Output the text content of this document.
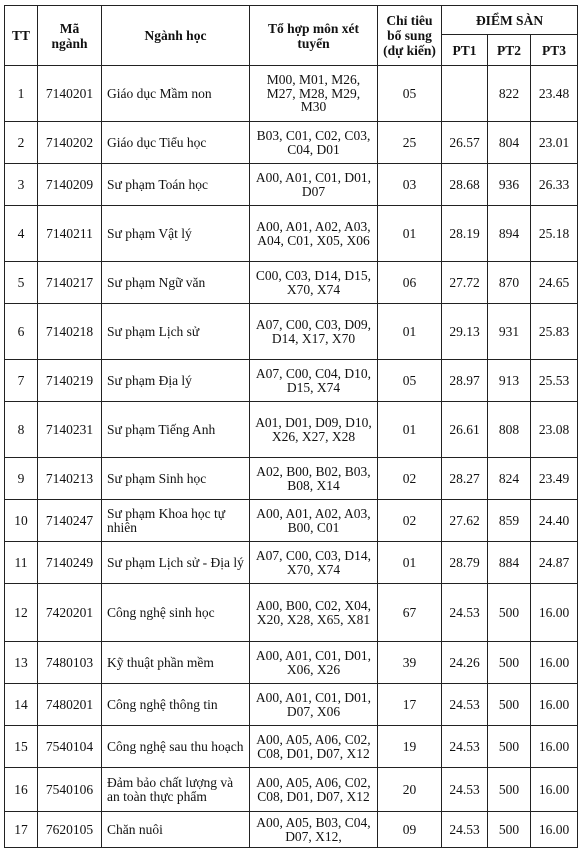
TT	Mã ngành	Ngành học	Tổ hợp môn xét tuyển	Chỉ tiêu bổ sung (dự kiến)	ĐIỂM SÀN		
					PT1	PT2	PT3
1	7140201	Giáo dục Mầm non	M00, M01, M26, M27, M28, M29, M30	05		822	23.48
2	7140202	Giáo dục Tiểu học	B03, C01, C02, C03, C04, D01	25	26.57	804	23.01
3	7140209	Sư phạm Toán học	A00, A01, C01, D01, D07	03	28.68	936	26.33
4	7140211	Sư phạm Vật lý	A00, A01, A02, A03, A04, C01, X05, X06	01	28.19	894	25.18
5	7140217	Sư phạm Ngữ văn	C00, C03, D14, D15, X70, X74	06	27.72	870	24.65
6	7140218	Sư phạm Lịch sử	A07, C00, C03, D09, D14, X17, X70	01	29.13	931	25.83
7	7140219	Sư phạm Địa lý	A07, C00, C04, D10, D15, X74	05	28.97	913	25.53
8	7140231	Sư phạm Tiếng Anh	A01, D01, D09, D10, X26, X27, X28	01	26.61	808	23.08
9	7140213	Sư phạm Sinh học	A02, B00, B02, B03, B08, X14	02	28.27	824	23.49
10	7140247	Sư phạm Khoa học tự nhiên	A00, A01, A02, A03, B00, C01	02	27.62	859	24.40
11	7140249	Sư phạm Lịch sử - Địa lý	A07, C00, C03, D14, X70, X74	01	28.79	884	24.87
12	7420201	Công nghệ sinh học	A00, B00, C02, X04, X20, X28, X65, X81	67	24.53	500	16.00
13	7480103	Kỹ thuật phần mềm	A00, A01, C01, D01, X06, X26	39	24.26	500	16.00
14	7480201	Công nghệ thông tin	A00, A01, C01, D01, D07, X06	17	24.53	500	16.00
15	7540104	Công nghệ sau thu hoạch	A00, A05, A06, C02, C08, D01, D07, X12	19	24.53	500	16.00
16	7540106	Đảm bảo chất lượng và an toàn thực phẩm	A00, A05, A06, C02, C08, D01, D07, X12	20	24.53	500	16.00
17	7620105	Chăn nuôi	A00, A05, B03, C04, D07, X12,	09	24.53	500	16.00
